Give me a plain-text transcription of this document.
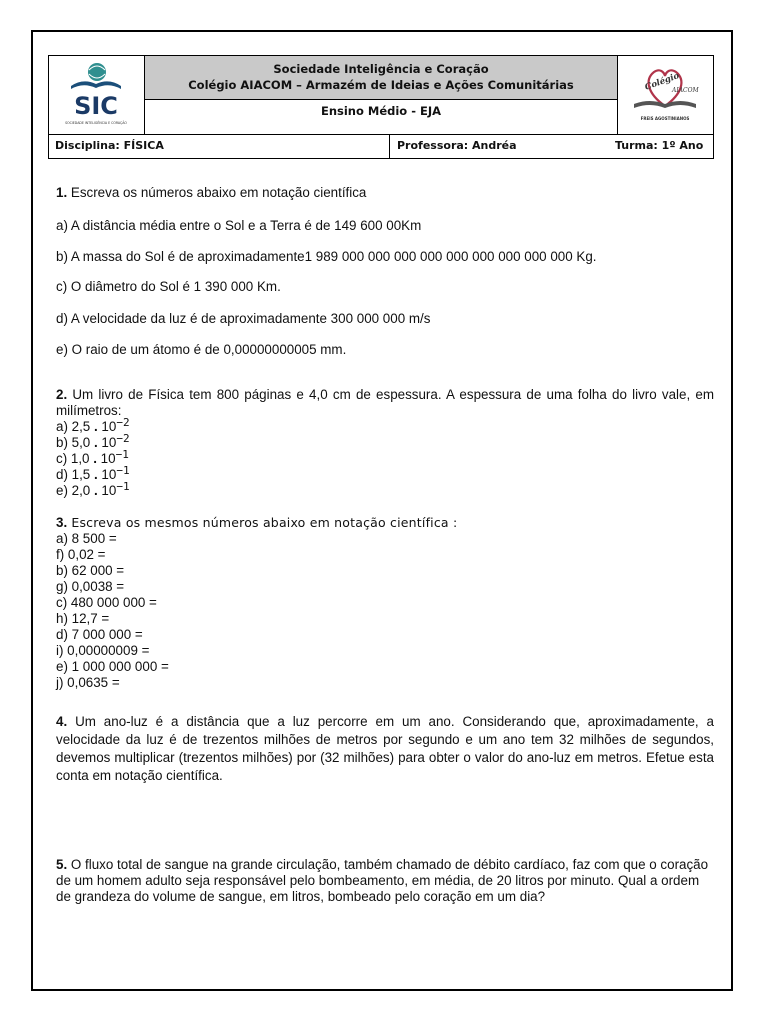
SIC
SOCIEDADE INTELIGÊNCIA E CORAÇÃO
Sociedade Inteligência e Coração
Colégio AIACOM – Armazém de Ideias e Ações Comunitárias
Ensino Médio - EJA
Colégio
AIACOM
FREIS AGOSTINIANOS
Disciplina: FÍSICA	Professora: Andréa	Turma: 1º Ano

1. Escreva os números abaixo em notação científica

a) A distância média entre o Sol e a Terra é de 149 600 00Km

b) A massa do Sol é de aproximadamente1 989 000 000 000 000 000 000 000 000 000 Kg.

c) O diâmetro do Sol é 1 390 000 Km.

d) A velocidade da luz é de aproximadamente 300 000 000 m/s

e) O raio de um átomo é de 0,00000000005 mm.

2. Um livro de Física tem 800 páginas e 4,0 cm de espessura. A espessura de uma folha do livro vale, em milímetros:

a) 2,5 . $10^{-2}$
b) 5,0 . $10^{-2}$
c) 1,0 . $10^{-1}$
d) 1,5 . $10^{-1}$
e) 2,0 . $10^{-1}$

3. Escreva os mesmos números abaixo em notação científica :

a) 8 500 =
f) 0,02 =
b) 62 000 =
g) 0,0038 =
c) 480 000 000 =
h) 12,7 =
d) 7 000 000 =
i) 0,00000009 =
e) 1 000 000 000 =
j) 0,0635 =

4. Um ano-luz é a distância que a luz percorre em um ano. Considerando que, aproximadamente, a velocidade da luz é de trezentos milhões de metros por segundo e um ano tem 32 milhões de segundos, devemos multiplicar (trezentos milhões) por (32 milhões) para obter o valor do ano-luz em metros. Efetue esta conta em notação científica.

5. O fluxo total de sangue na grande circulação, também chamado de débito cardíaco, faz com que o coração de um homem adulto seja responsável pelo bombeamento, em média, de 20 litros por minuto. Qual a ordem de grandeza do volume de sangue, em litros, bombeado pelo coração em um dia?
